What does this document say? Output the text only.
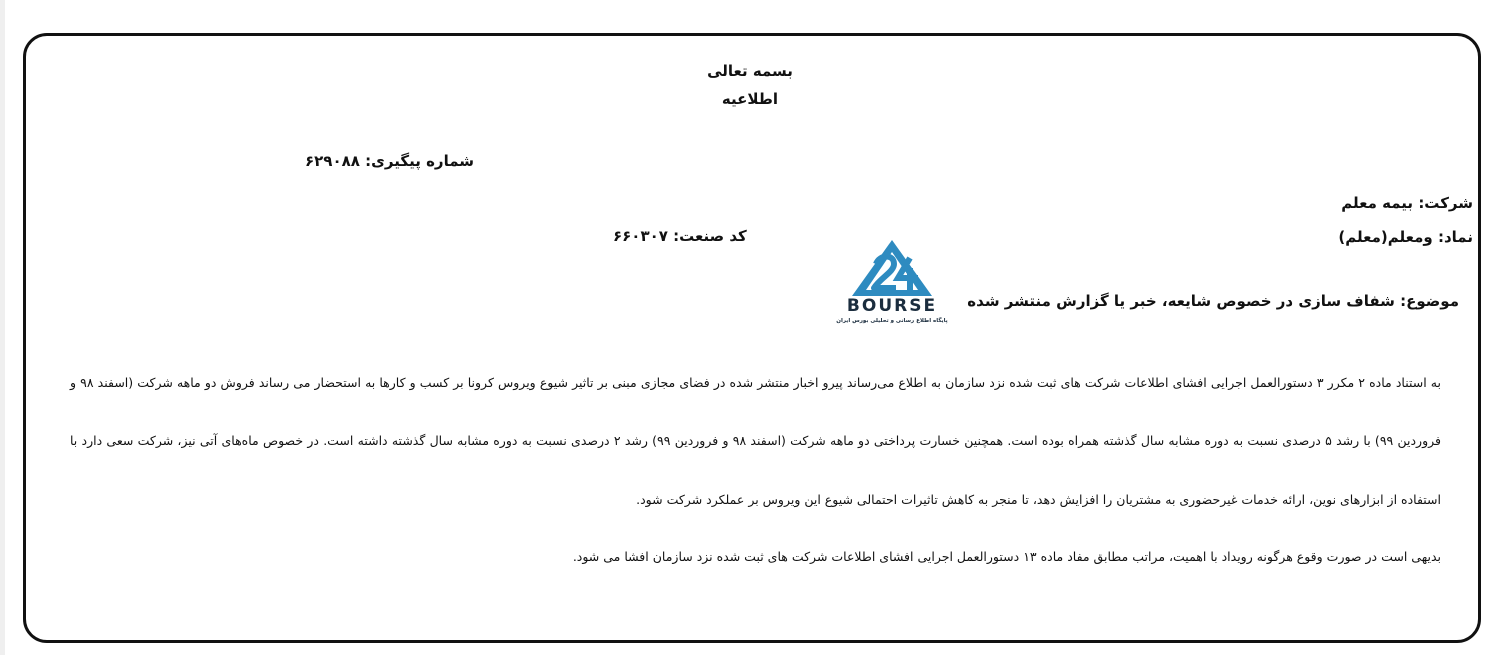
بسمه تعالی

اطلاعیه

شماره پیگیری: ۶۲۹۰۸۸

شرکت: بیمه معلم

نماد: ومعلم(معلم)

کد صنعت: ۶۶۰۳۰۷

موضوع: شفاف سازی در خصوص شایعه، خبر یا گزارش منتشر شده

BOURSE
پایگاه اطلاع رسانی و تحلیلی بورس ایران

به استناد ماده ۲ مکرر ۳ دستورالعمل اجرایی افشای اطلاعات شرکت های ثبت شده نزد سازمان به اطلاع می‌رساند پیرو اخبار منتشر شده در فضای مجازی مبنی بر تاثیر شیوع ویروس کرونا بر کسب و کارها به استحضار می رساند فروش دو ماهه شرکت (اسفند ۹۸ و

فروردین ۹۹) با رشد ۵ درصدی نسبت به دوره مشابه سال گذشته همراه بوده است. همچنین خسارت پرداختی دو ماهه شرکت (اسفند ۹۸ و فروردین ۹۹) رشد ۲ درصدی نسبت به دوره مشابه سال گذشته داشته است. در خصوص ماه‌های آتی نیز، شرکت سعی دارد با

استفاده از ابزارهای نوین، ارائه خدمات غیرحضوری به مشتریان را افزایش دهد، تا منجر به کاهش تاثیرات احتمالی شیوع این ویروس بر عملکرد شرکت شود.

بدیهی است در صورت وقوع هرگونه رویداد با اهمیت، مراتب مطابق مفاد ماده ۱۳ دستورالعمل اجرایی افشای اطلاعات شرکت های ثبت شده نزد سازمان افشا می شود.
